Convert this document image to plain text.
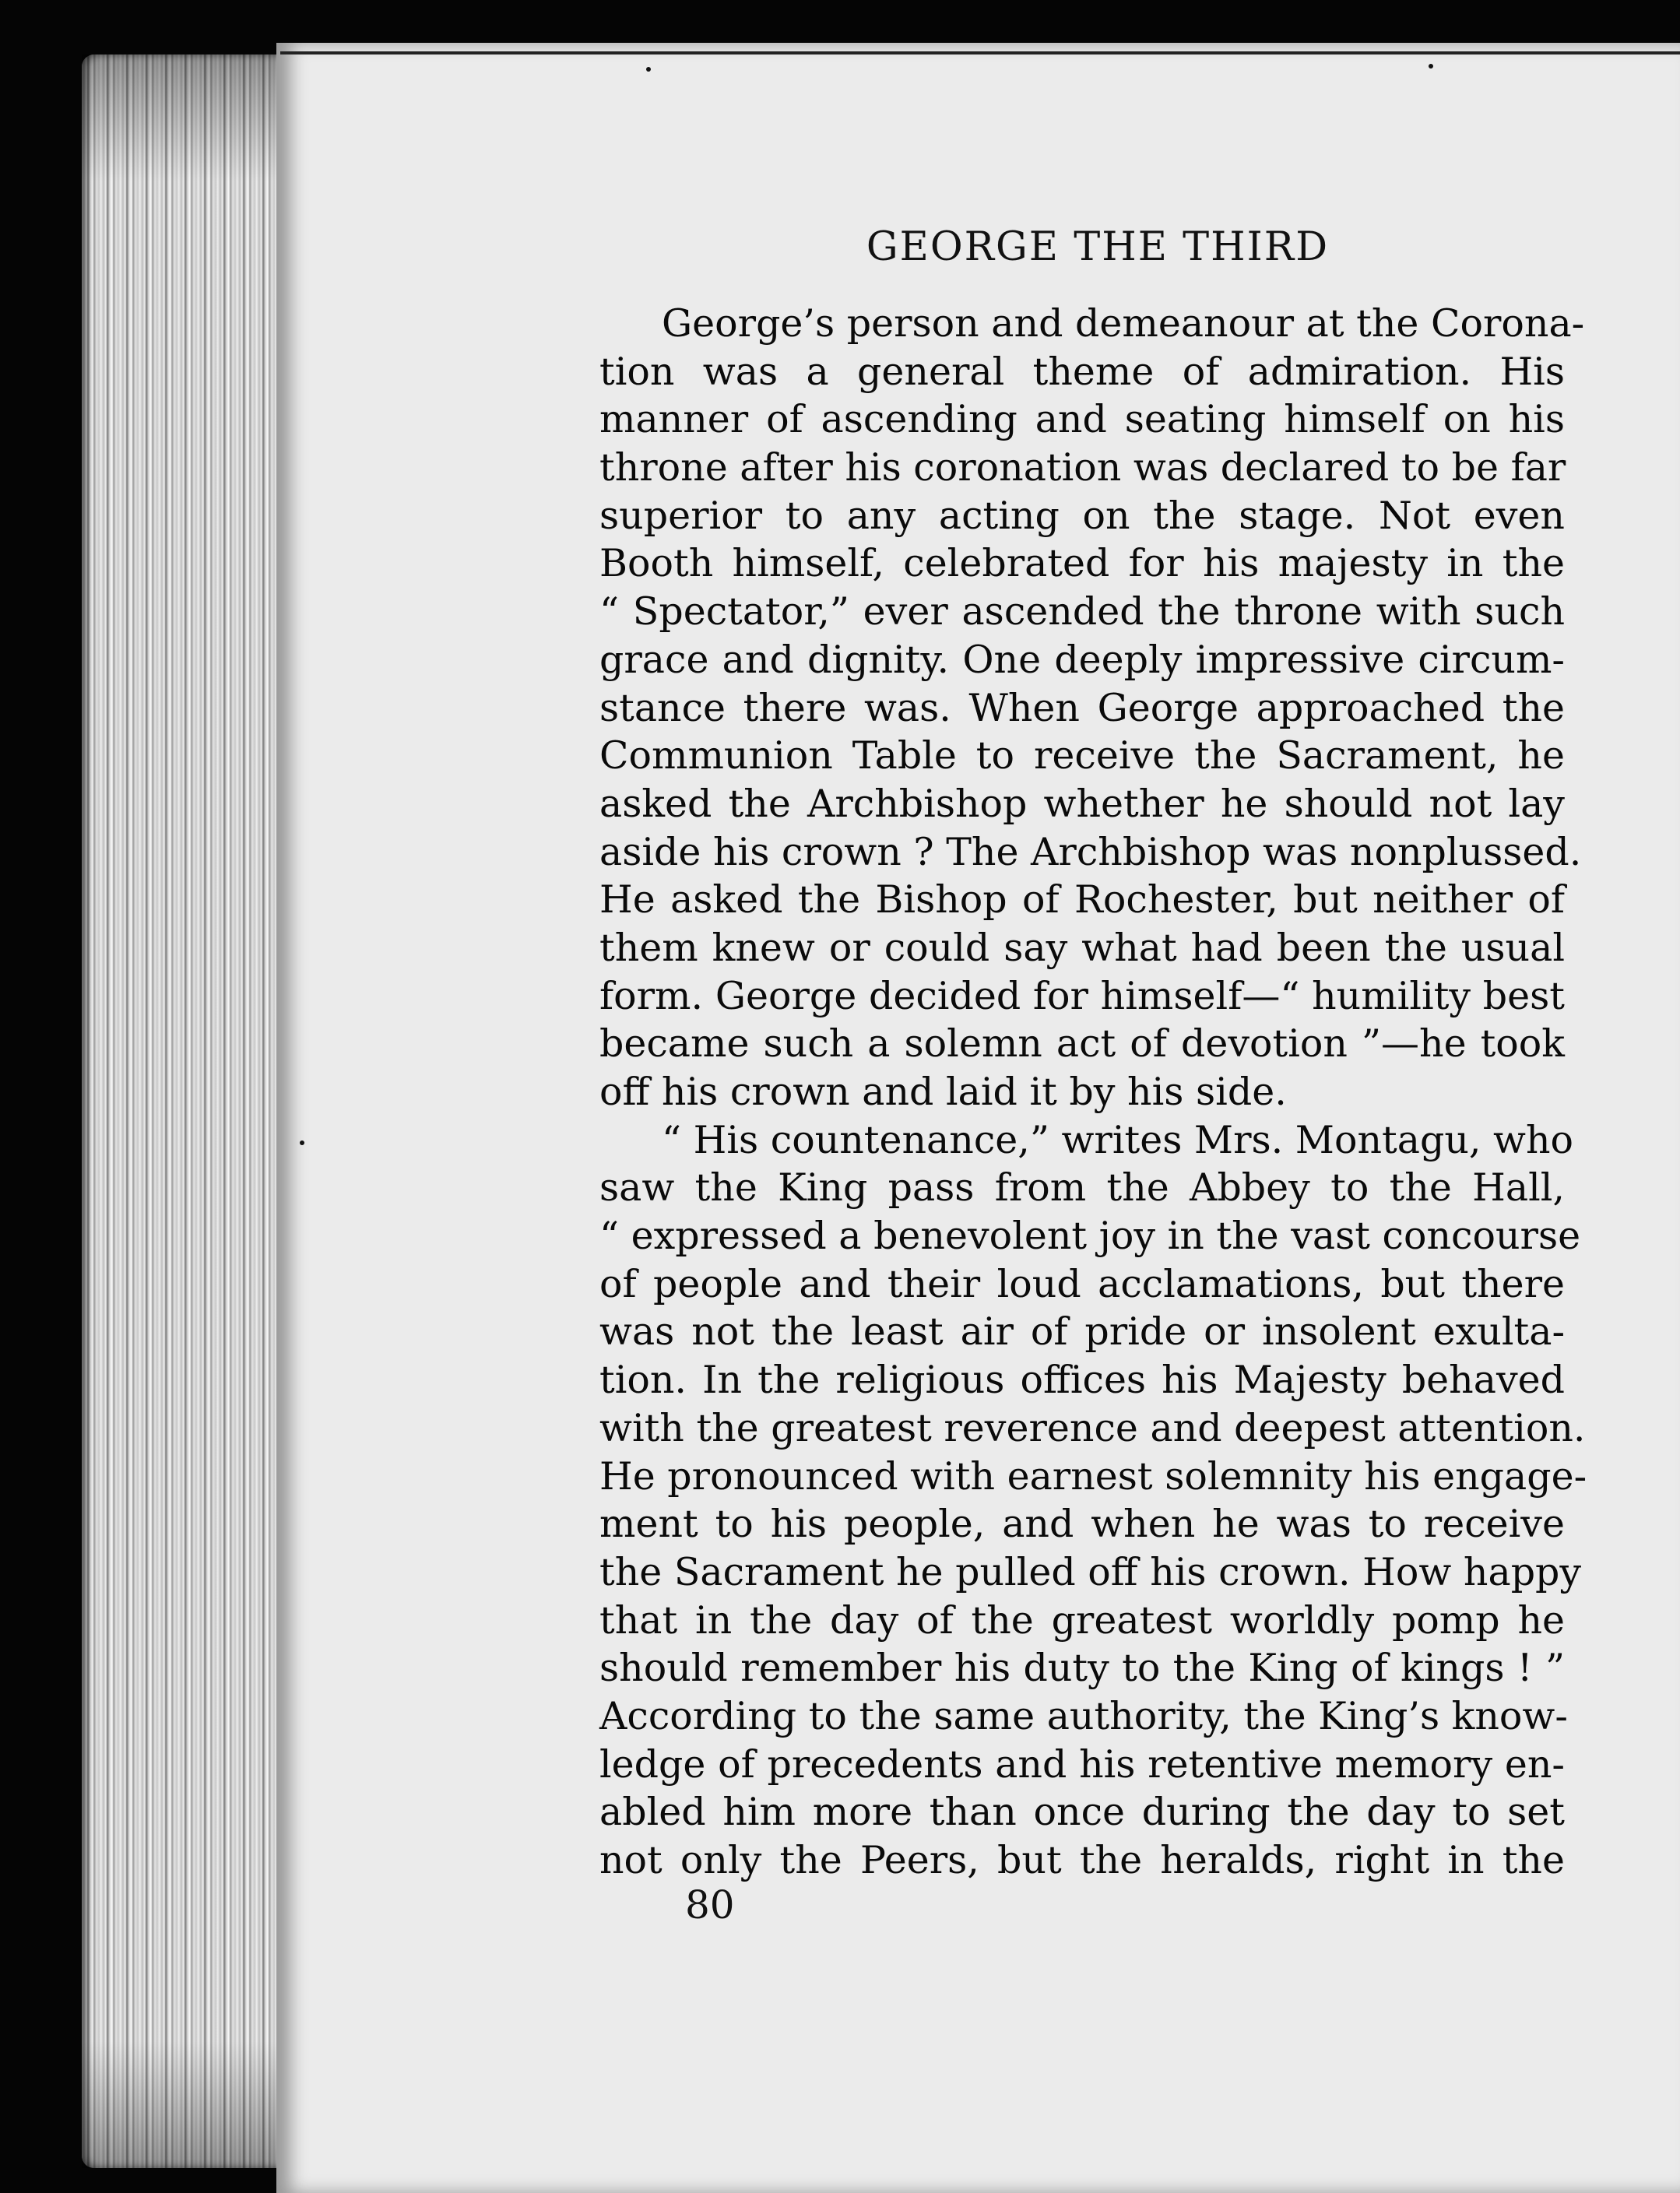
GEORGE THE THIRD
George’s person and demeanour at the Corona-
tion was a general theme of admiration. His
manner of ascending and seating himself on his
throne after his coronation was declared to be far
superior to any acting on the stage. Not even
Booth himself, celebrated for his majesty in the
“ Spectator,” ever ascended the throne with such
grace and dignity. One deeply impressive circum-
stance there was. When George approached the
Communion Table to receive the Sacrament, he
asked the Archbishop whether he should not lay
aside his crown ? The Archbishop was nonplussed.
He asked the Bishop of Rochester, but neither of
them knew or could say what had been the usual
form. George decided for himself—“ humility best
became such a solemn act of devotion ”—he took
off his crown and laid it by his side.
“ His countenance,” writes Mrs. Montagu, who
saw the King pass from the Abbey to the Hall,
“ expressed a benevolent joy in the vast concourse
of people and their loud acclamations, but there
was not the least air of pride or insolent exulta-
tion. In the religious offices his Majesty behaved
with the greatest reverence and deepest attention.
He pronounced with earnest solemnity his engage-
ment to his people, and when he was to receive
the Sacrament he pulled off his crown. How happy
that in the day of the greatest worldly pomp he
should remember his duty to the King of kings ! ”
According to the same authority, the King’s know-
ledge of precedents and his retentive memory en-
abled him more than once during the day to set
not only the Peers, but the heralds, right in the
80
